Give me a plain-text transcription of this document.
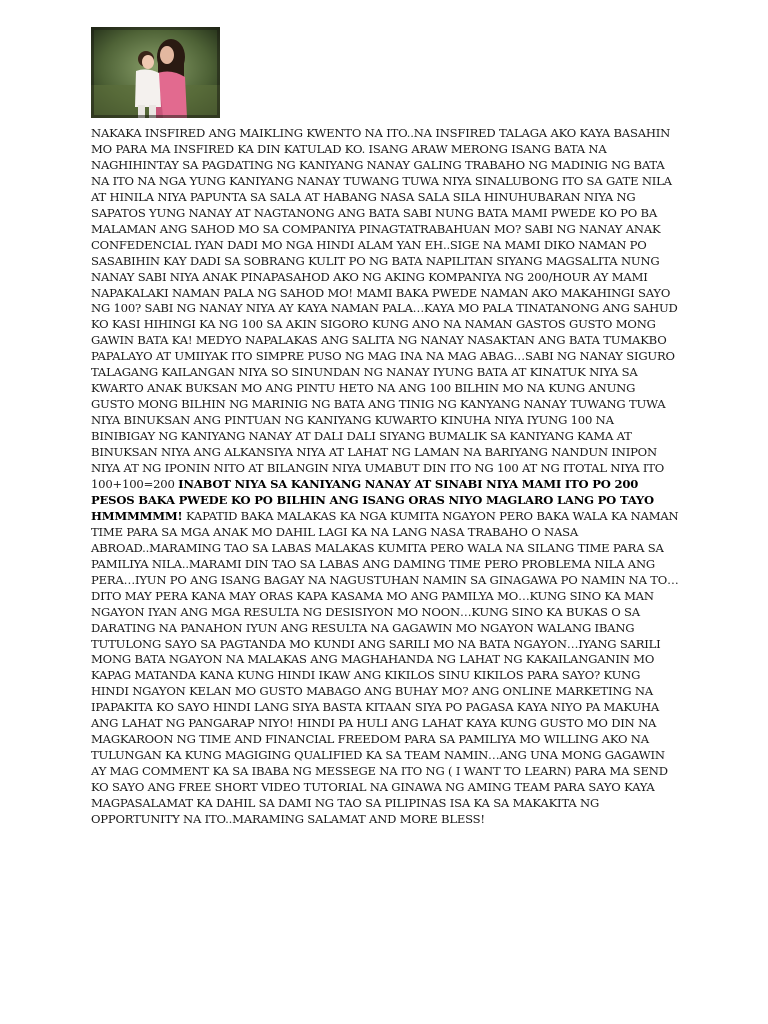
NAKAKA INSFIRED ANG MAIKLING KWENTO NA ITO..NA INSFIRED TALAGA AKO KAYA BASAHIN MO PARA MA INSFIRED KA DIN KATULAD KO. ISANG ARAW MERONG ISANG BATA NA NAGHIHINTAY SA PAGDATING NG KANIYANG NANAY GALING TRABAHO NG MADINIG NG BATA NA ITO NA NGA YUNG KANIYANG NANAY TUWANG TUWA NIYA SINALUBONG ITO SA GATE NILA AT HINILA NIYA PAPUNTA SA SALA AT HABANG NASA SALA SILA HINUHUBARAN NIYA NG SAPATOS YUNG NANAY AT NAGTANONG ANG BATA SABI NUNG BATA MAMI PWEDE KO PO BA MALAMAN ANG SAHOD MO SA COMPANIYA PINAGTATRABAHUAN MO? SABI NG NANAY ANAK CONFEDENCIAL IYAN DADI MO NGA HINDI ALAM YAN EH..SIGE NA MAMI DIKO NAMAN PO SASABIHIN KAY DADI SA SOBRANG KULIT PO NG BATA NAPILITAN SIYANG MAGSALITA NUNG NANAY SABI NIYA ANAK PINAPASAHOD AKO NG AKING KOMPANIYA NG 200/HOUR AY MAMI NAPAKALAKI NAMAN PALA NG SAHOD MO! MAMI BAKA PWEDE NAMAN AKO MAKAHINGI SAYO NG 100? SABI NG NANAY NIYA AY KAYA NAMAN PALA…KAYA MO PALA TINATANONG ANG SAHUD KO KASI HIHINGI KA NG 100 SA AKIN SIGORO KUNG ANO NA NAMAN GASTOS GUSTO MONG GAWIN BATA KA! MEDYO NAPALAKAS ANG SALITA NG NANAY NASAKTAN ANG BATA TUMAKBO PAPALAYO AT UMIIYAK ITO SIMPRE PUSO NG MAG INA NA MAG ABAG…SABI NG NANAY SIGURO TALAGANG KAILANGAN NIYA SO SINUNDAN NG NANAY IYUNG BATA AT KINATUK NIYA SA KWARTO ANAK BUKSAN MO ANG PINTU HETO NA ANG 100 BILHIN MO NA KUNG ANUNG GUSTO MONG BILHIN NG MARINIG NG BATA ANG TINIG NG KANYANG NANAY TUWANG TUWA NIYA BINUKSAN ANG PINTUAN NG KANIYANG KUWARTO KINUHA NIYA IYUNG 100 NA BINIBIGAY NG KANIYANG NANAY AT DALI DALI SIYANG BUMALIK SA KANIYANG KAMA AT BINUKSAN NIYA ANG ALKANSIYA NIYA AT LAHAT NG LAMAN NA BARIYANG NANDUN INIPON NIYA AT NG IPONIN NITO AT BILANGIN NIYA UMABUT DIN ITO NG 100 AT NG ITOTAL NIYA ITO 100+100=200 INABOT NIYA SA KANIYANG NANAY AT SINABI NIYA MAMI ITO PO 200 PESOS BAKA PWEDE KO PO BILHIN ANG ISANG ORAS NIYO MAGLARO LANG PO TAYO HMMMMMM! KAPATID BAKA MALAKAS KA NGA KUMITA NGAYON PERO BAKA WALA KA NAMAN TIME PARA SA MGA ANAK MO DAHIL LAGI KA NA LANG NASA TRABAHO O NASA ABROAD..MARAMING TAO SA LABAS MALAKAS KUMITA PERO WALA NA SILANG TIME PARA SA PAMILIYA NILA..MARAMI DIN TAO SA LABAS ANG DAMING TIME PERO PROBLEMA NILA ANG PERA…IYUN PO ANG ISANG BAGAY NA NAGUSTUHAN NAMIN SA GINAGAWA PO NAMIN NA TO…DITO MAY PERA KANA MAY ORAS KAPA KASAMA MO ANG PAMILYA MO…KUNG SINO KA MAN NGAYON IYAN ANG MGA RESULTA NG DESISIYON MO NOON…KUNG SINO KA BUKAS O SA DARATING NA PANAHON IYUN ANG RESULTA NA GAGAWIN MO NGAYON WALANG IBANG TUTULONG SAYO SA PAGTANDA MO KUNDI ANG SARILI MO NA BATA NGAYON…IYANG SARILI MONG BATA NGAYON NA MALAKAS ANG MAGHAHANDA NG LAHAT NG KAKAILANGANIN MO KAPAG MATANDA KANA KUNG HINDI IKAW ANG KIKILOS SINU KIKILOS PARA SAYO? KUNG HINDI NGAYON KELAN MO GUSTO MABAGO ANG BUHAY MO? ANG ONLINE MARKETING NA IPAPAKITA KO SAYO HINDI LANG SIYA BASTA KITAAN SIYA PO PAGASA KAYA NIYO PA MAKUHA ANG LAHAT NG PANGARAP NIYO! HINDI PA HULI ANG LAHAT KAYA KUNG GUSTO MO DIN NA MAGKAROON NG TIME AND FINANCIAL FREEDOM PARA SA PAMILIYA MO WILLING AKO NA TULUNGAN KA KUNG MAGIGING QUALIFIED KA SA TEAM NAMIN…ANG UNA MONG GAGAWIN AY MAG COMMENT KA SA IBABA NG MESSEGE NA ITO NG ( I WANT TO LEARN) PARA MA SEND KO SAYO ANG FREE SHORT VIDEO TUTORIAL NA GINAWA NG AMING TEAM PARA SAYO KAYA MAGPASALAMAT KA DAHIL SA DAMI NG TAO SA PILIPINAS ISA KA SA MAKAKITA NG OPPORTUNITY NA ITO..MARAMING SALAMAT AND MORE BLESS!
